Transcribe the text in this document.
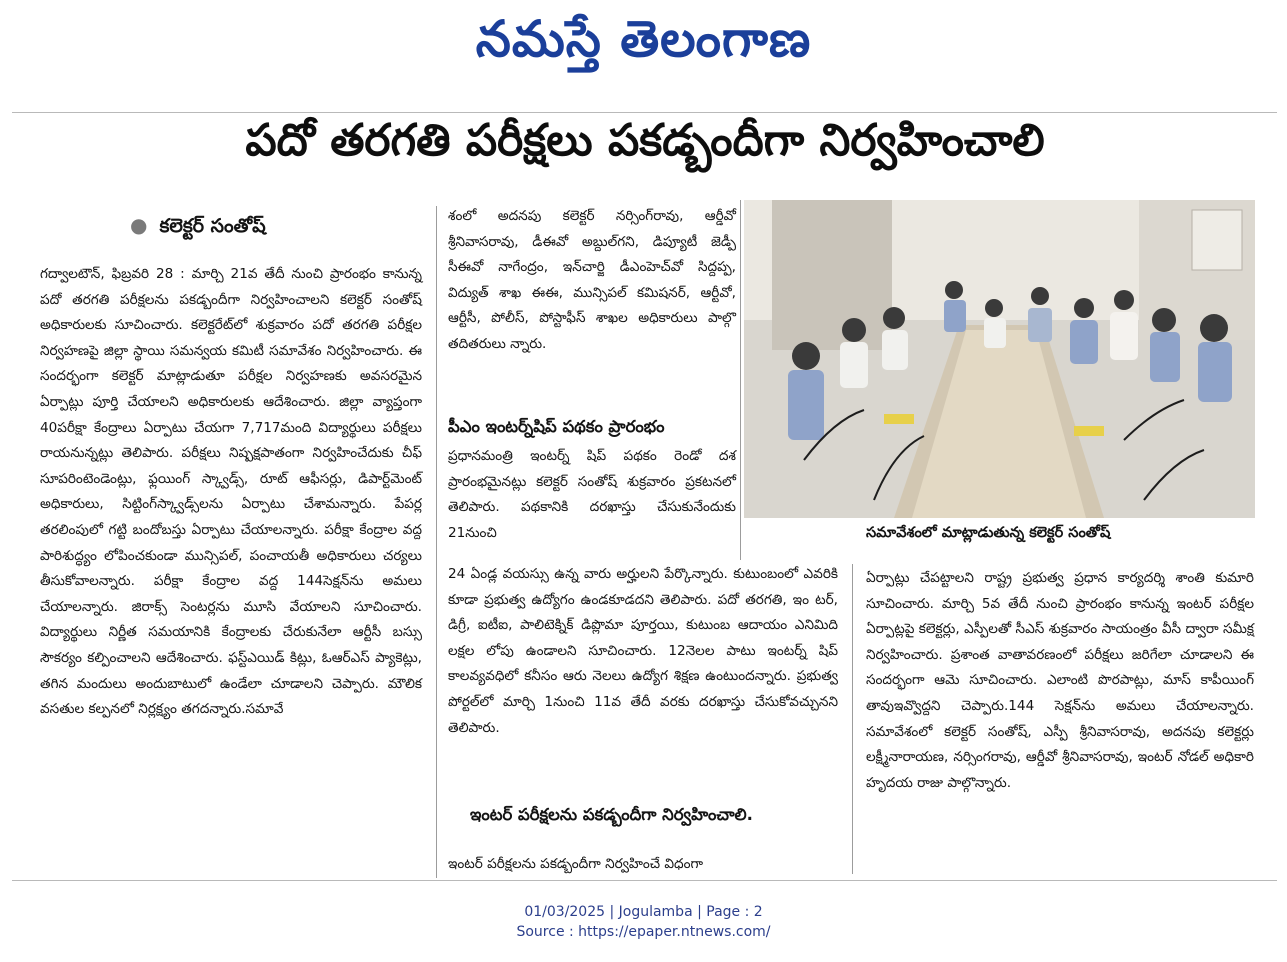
నమస్తే తెలంగాణ
పదో తరగతి పరీక్షలు పకడ్బందీగా నిర్వహించాలి
● కలెక్టర్ సంతోష్

గద్వాలటౌన్, ఫిబ్రవరి 28 : మార్చి 21వ తేదీ నుంచి ప్రారంభం కానున్న పదో తరగతి పరీక్షలను పకడ్బందీగా నిర్వహించాలని కలెక్టర్ సంతోష్ అధికారులకు సూచించారు. కలెక్టరేట్‌లో శుక్రవారం పదో తరగతి పరీక్షల నిర్వహణపై జిల్లా స్థాయి సమన్వయ కమిటీ సమావేశం నిర్వహించారు. ఈ సందర్భంగా కలెక్టర్ మాట్లాడుతూ పరీక్షల నిర్వహణకు అవసరమైన ఏర్పాట్లు పూర్తి చేయాలని అధికారులకు ఆదేశించారు. జిల్లా వ్యాప్తంగా 40పరీక్షా కేంద్రాలు ఏర్పాటు చేయగా 7,717మంది విద్యార్థులు పరీక్షలు రాయనున్నట్లు తెలిపారు. పరీక్షలు నిష్పక్షపాతంగా నిర్వహించేదుకు చీఫ్ సూపరింటెండెంట్లు, ఫ్లయింగ్ స్క్వాడ్స్, రూట్ ఆఫీసర్లు, డిపార్ట్‌మెంట్ అధికారులు, సిట్టింగ్‌స్క్వాడ్స్‌లను ఏర్పాటు చేశామన్నారు. పేపర్ల తరలింపులో గట్టి బందోబస్తు ఏర్పాటు చేయాలన్నారు. పరీక్షా కేంద్రాల వద్ద పారిశుద్ధ్యం లోపించకుండా మున్సిపల్, పంచాయతీ అధికారులు చర్యలు తీసుకోవాలన్నారు. పరీక్షా కేంద్రాల వద్ద 144సెక్షన్‌ను అమలు చేయాలన్నారు. జిరాక్స్ సెంటర్లను మూసి వేయాలని సూచించారు. విద్యార్థులు నిర్ణీత సమయానికి కేంద్రాలకు చేరుకునేలా ఆర్టీసీ బస్సు సౌకర్యం కల్పించాలని ఆదేశించారు. ఫస్ట్‌ఎయిడ్ కిట్లు, ఓఆర్ఎస్ ప్యాకెట్లు, తగిన మందులు అందుబాటులో ఉండేలా చూడాలని చెప్పారు. మౌలిక వసతుల కల్పనలో నిర్లక్ష్యం తగదన్నారు.సమావే

శంలో అదనపు కలెక్టర్ నర్సింగ్‌రావు, ఆర్డీవో శ్రీనివాసరావు, డీఈవో అబ్దుల్‌గని, డిప్యూటీ జెడ్పీ సీఈవో నాగేంద్రం, ఇన్‌చార్జి డీఎంహెచ్‌వో సిద్దప్ప, విద్యుత్ శాఖ ఈఈ, మున్సిపల్ కమిషనర్, ఆర్టీవో, ఆర్టీసీ, పోలీస్, పోస్టాఫీస్ శాఖల అధికారులు పాల్గొ తదితరులు న్నారు.

పీఎం ఇంటర్న్‌షిప్ పథకం ప్రారంభం

ప్రధానమంత్రి ఇంటర్న్ షిప్ పథకం రెండో దశ ప్రారంభమైనట్లు కలెక్టర్ సంతోష్ శుక్రవారం ప్రకటనలో తెలిపారు. పథకానికి దరఖాస్తు చేసుకునేందుకు 21నుంచి	సమావేశంలో మాట్లాడుతున్న కలెక్టర్ సంతోష్

24 ఏండ్ల వయస్సు ఉన్న వారు అర్హులని పేర్కొన్నారు. కుటుంబంలో ఎవరికి కూడా ప్రభుత్వ ఉద్యోగం ఉండకూడదని తెలిపారు. పదో తరగతి, ఇం టర్, డిగ్రీ, ఐటీఐ, పాలిటెక్నిక్ డిప్లొమా పూర్తయి, కుటుంబ ఆదాయం ఎనిమిది లక్షల లోపు ఉండాలని సూచించారు. 12నెలల పాటు ఇంటర్న్ షిప్ కాలవ్యవధిలో కనీసం ఆరు నెలలు ఉద్యోగ శిక్షణ ఉంటుందన్నారు. ప్రభుత్వ పోర్టల్‌లో మార్చి 1నుంచి 11వ తేదీ వరకు దరఖాస్తు చేసుకోవచ్చునని తెలిపారు.

ఇంటర్ పరీక్షలను పకడ్బందీగా నిర్వహించాలి.

ఇంటర్ పరీక్షలను పకడ్బందీగా నిర్వహించే విధంగా

ఏర్పాట్లు చేపట్టాలని రాష్ట్ర ప్రభుత్వ ప్రధాన కార్యదర్శి శాంతి కుమారి సూచించారు. మార్చి 5వ తేదీ నుంచి ప్రారంభం కానున్న ఇంటర్ పరీక్షల ఏర్పాట్లపై కలెక్టర్లు, ఎస్పీలతో సీఎస్ శుక్రవారం సాయంత్రం వీసీ ద్వారా సమీక్ష నిర్వహించారు. ప్రశాంత వాతావరణంలో పరీక్షలు జరిగేలా చూడాలని ఈ సందర్భంగా ఆమె సూచించారు. ఎలాంటి పొరపాట్లు, మాస్ కాపీయింగ్ తావుఇవ్వొద్దని చెప్పారు.144 సెక్షన్‌ను అమలు చేయాలన్నారు. సమావేశంలో కలెక్టర్ సంతోష్, ఎస్పీ శ్రీనివాసరావు, అదనపు కలెక్టర్లు లక్ష్మీనారాయణ, నర్సింగరావు, ఆర్డీవో శ్రీనివాసరావు, ఇంటర్ నోడల్ అధికారి హృదయ రాజు పాల్గొన్నారు.

01/03/2025 | Jogulamba | Page : 2
Source : https://epaper.ntnews.com/
